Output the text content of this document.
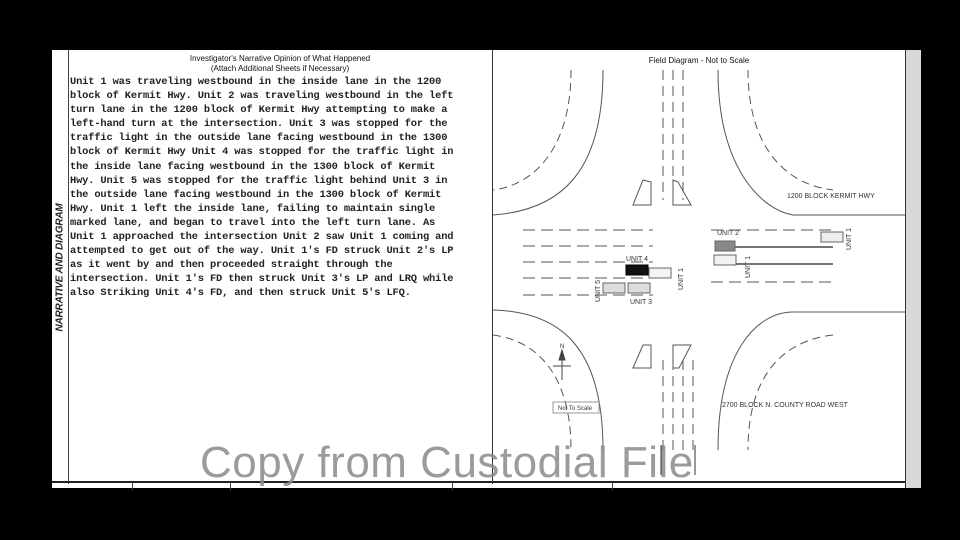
NARRATIVE AND DIAGRAM
Investigator's Narrative Opinion of What Happened
(Attach Additional Sheets if Necessary)
Unit 1 was traveling westbound in the inside lane in the 1200
block of Kermit Hwy. Unit 2 was traveling westbound in the left
turn lane in the 1200 block of Kermit Hwy attempting to make a
left-hand turn at the intersection. Unit 3 was stopped for the
traffic light in the outside lane facing westbound in the 1300
block of Kermit Hwy Unit 4 was stopped for the traffic light in
the inside lane facing westbound in the 1300 block of Kermit
Hwy. Unit 5 was stopped for the traffic light behind Unit 3 in
the outside lane facing westbound in the 1300 block of Kermit
Hwy. Unit 1 left the inside lane, failing to maintain single
marked lane, and began to travel into the left turn lane. As
Unit 1 approached the intersection Unit 2 saw Unit 1 coming and
attempted to get out of the way. Unit 1's FD struck Unit 2's LP
as it went by and then proceeded straight through the
intersection. Unit 1's FD then struck Unit 3's LP and LRQ while
also Striking Unit 4's FD, and then struck Unit 5's LFQ.
Field Diagram - Not to Scale
UNIT 2
UNIT 4
UNIT 3
UNIT 1
UNIT 1
UNIT 1
UNIT 5
1200 BLOCK KERMIT HWY
2700 BLOCK N. COUNTY ROAD WEST
Not To Scale
N
Copy from Custodial File
